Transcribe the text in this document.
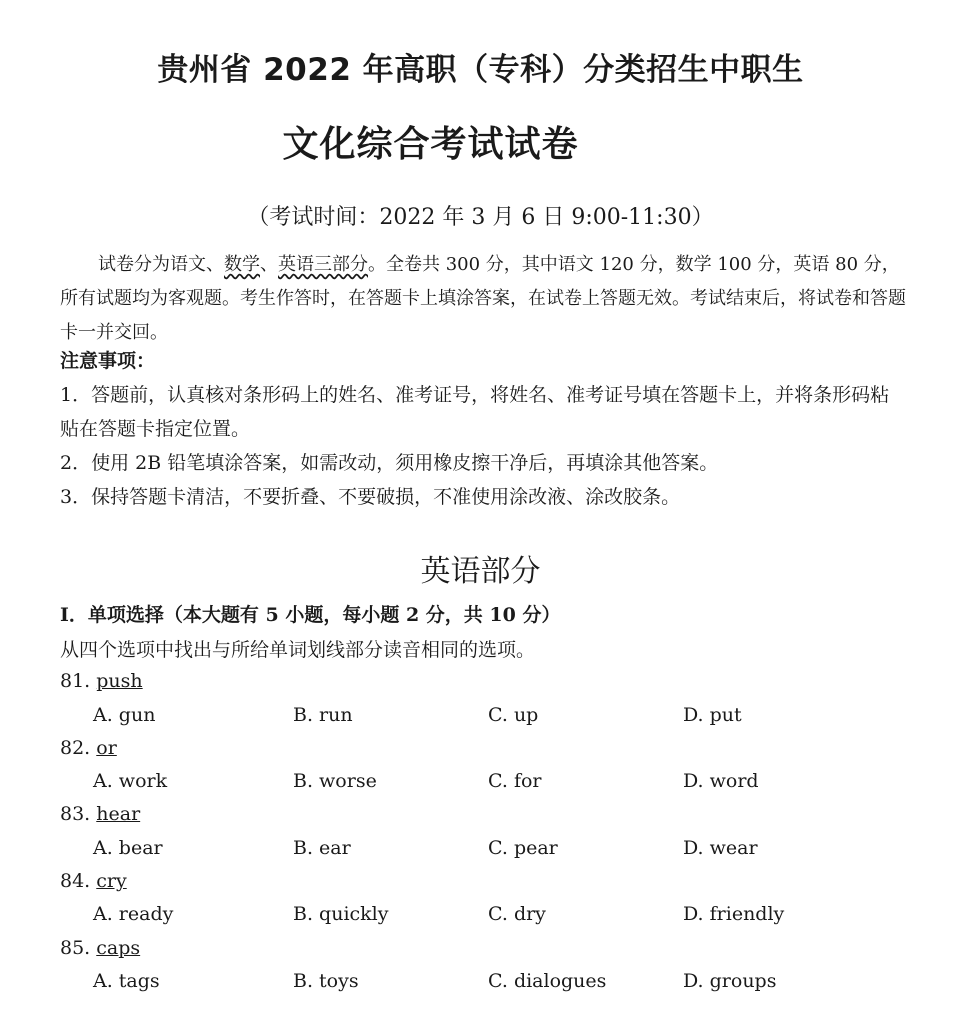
贵州省 2022 年高职（专科）分类招生中职生
文化综合考试试卷
（考试时间：2022 年 3 月 6 日 9:00-11:30）

试卷分为语文、数学、英语三部分。全卷共 300 分，其中语文 120 分，数学 100 分，英语 80 分，所有试题均为客观题。考生作答时，在答题卡上填涂答案，在试卷上答题无效。考试结束后，将试卷和答题卡一并交回。

注意事项：
1．答题前，认真核对条形码上的姓名、准考证号，将姓名、准考证号填在答题卡上，并将条形码粘贴在答题卡指定位置。
2．使用 2B 铅笔填涂答案，如需改动，须用橡皮擦干净后，再填涂其他答案。
3．保持答题卡清洁，不要折叠、不要破损，不准使用涂改液、涂改胶条。
英语部分
Ⅰ．单项选择（本大题有 5 小题，每小题 2 分，共 10 分）
从四个选项中找出与所给单词划线部分读音相同的选项。
81. push
A. gun	B. run	C. up	D. put
82. or
A. work	B. worse	C. for	D. word
83. hear
A. bear	B. ear	C. pear	D. wear
84. cry
A. ready	B. quickly	C. dry	D. friendly
85. caps
A. tags	B. toys	C. dialogues	D. groups
